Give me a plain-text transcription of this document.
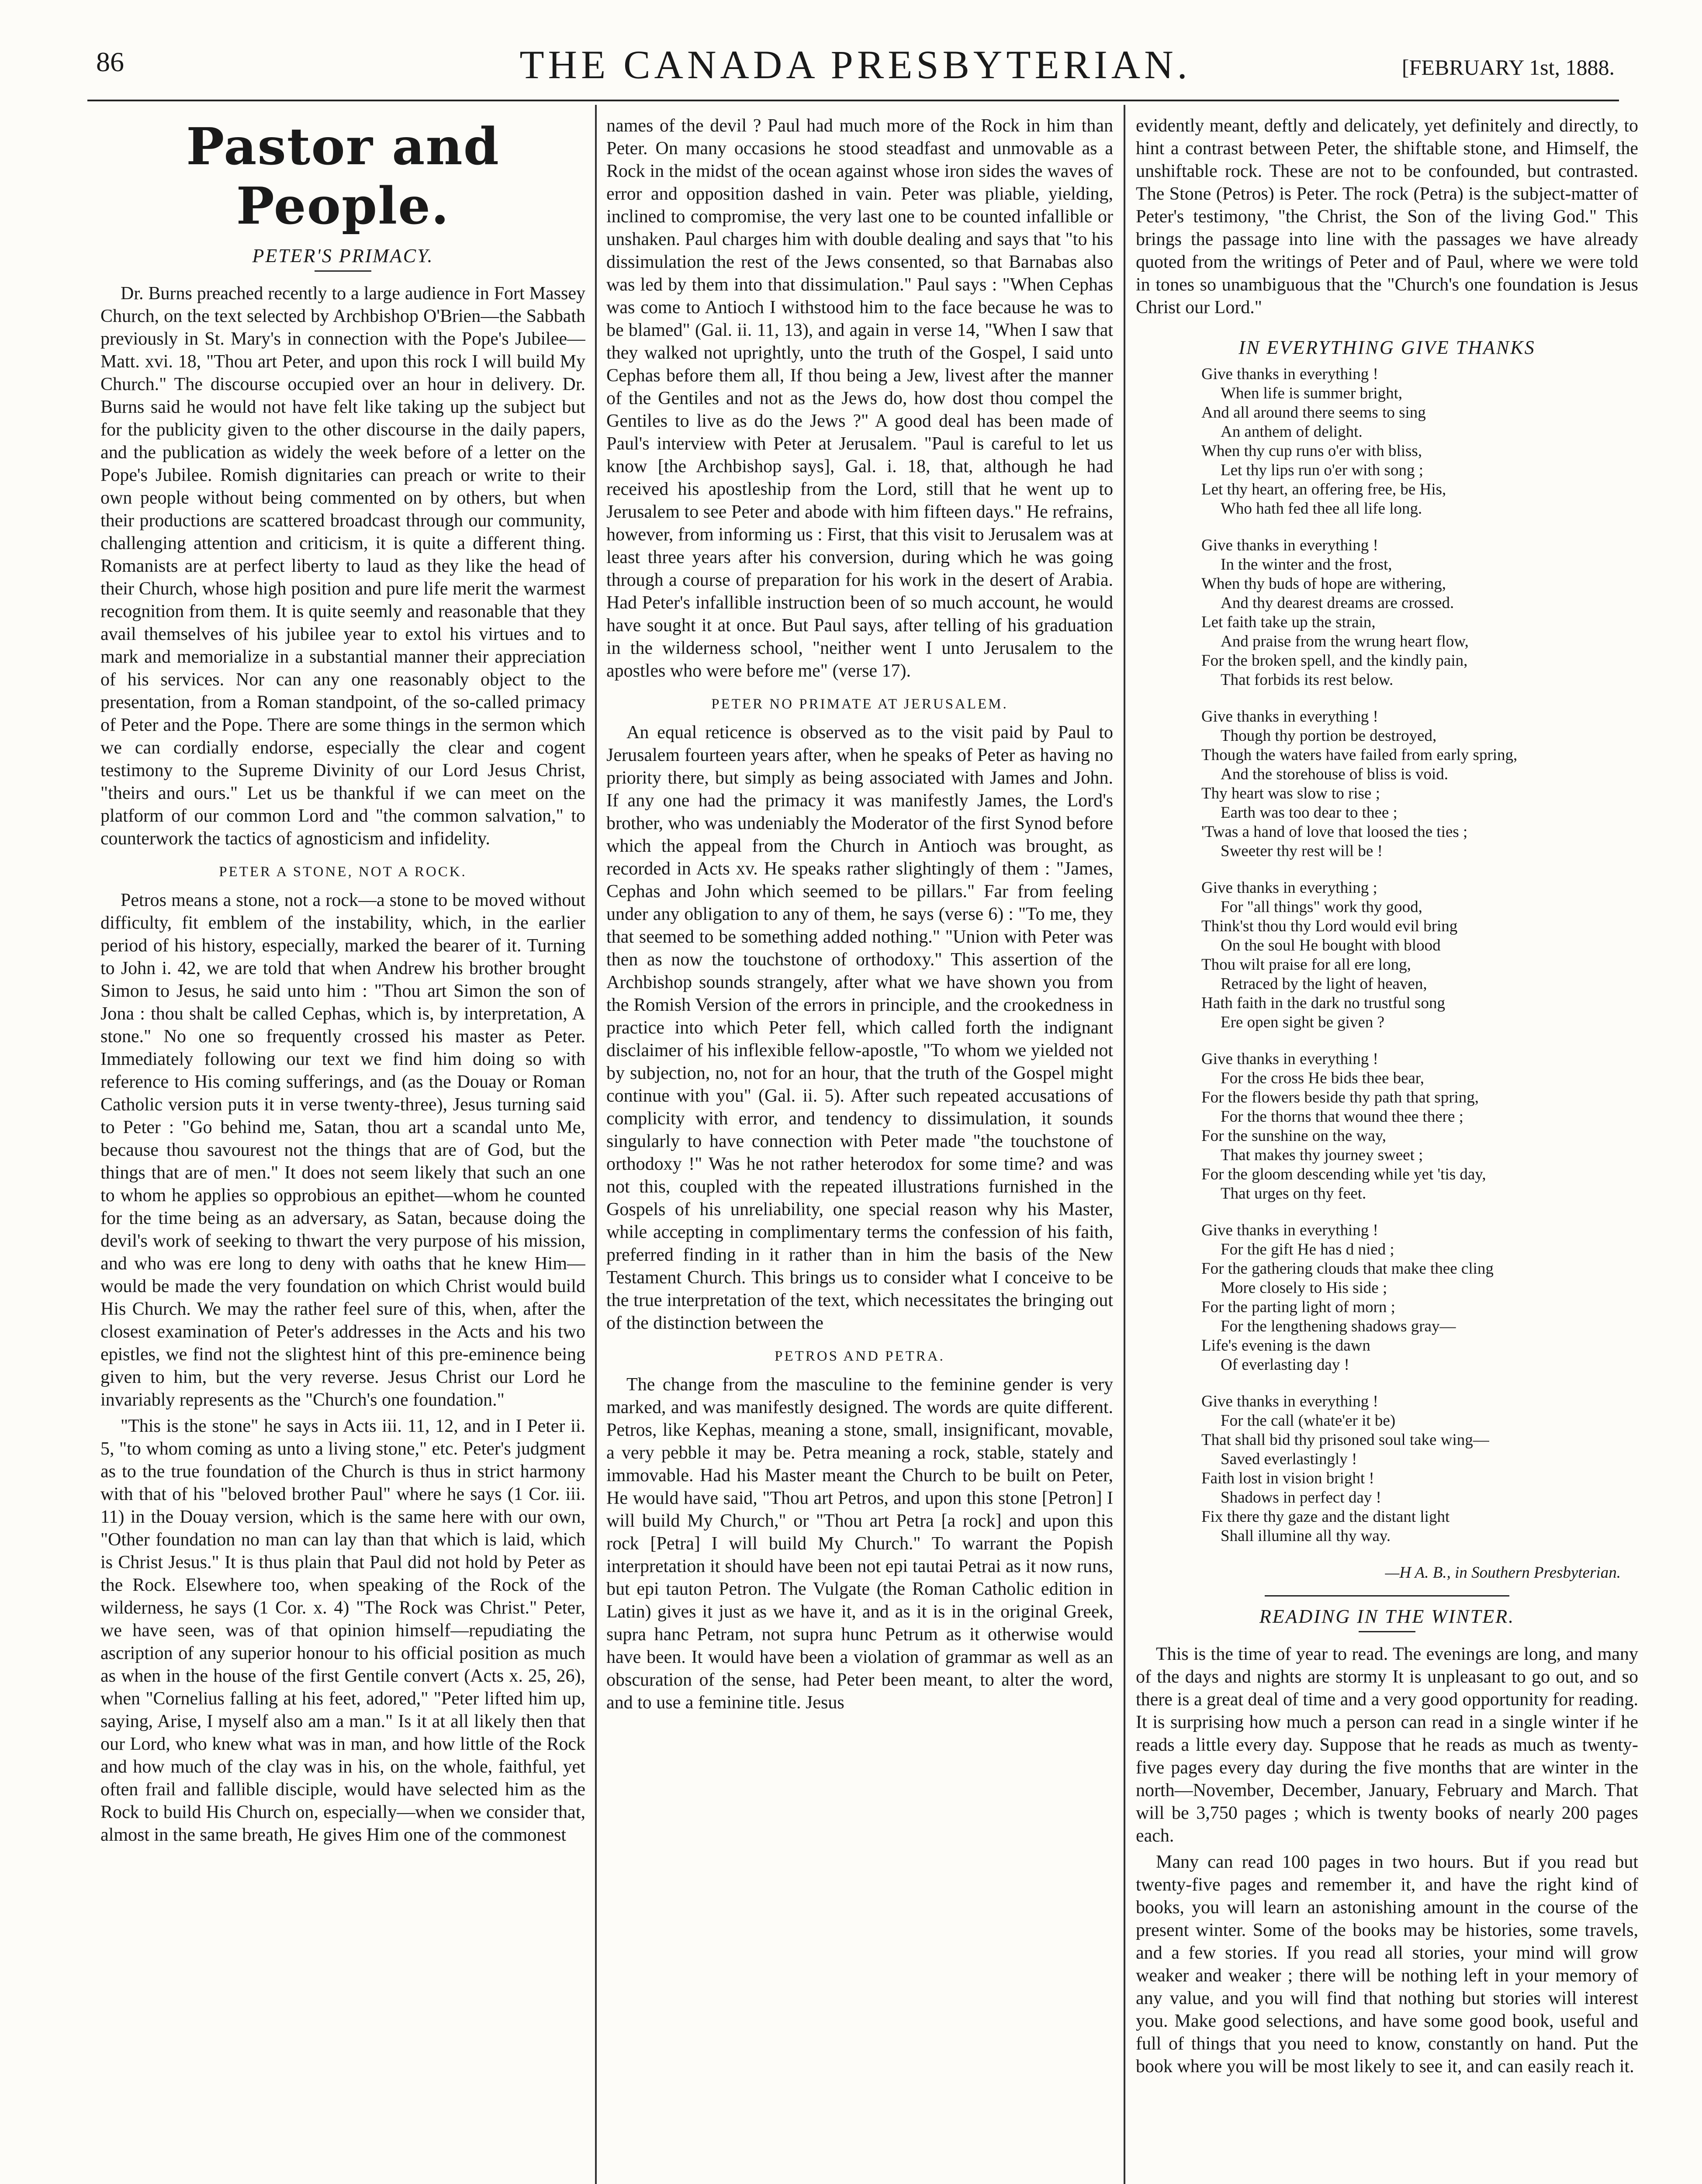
86	THE CANADA PRESBYTERIAN.	[FEBRUARY 1st, 1888.
Pastor and People.
PETER'S PRIMACY.

Dr. Burns preached recently to a large audience in Fort Massey Church, on the text selected by Archbishop O'Brien—the Sabbath previously in St. Mary's in connection with the Pope's Jubilee—Matt. xvi. 18, "Thou art Peter, and upon this rock I will build My Church." The discourse occupied over an hour in delivery. Dr. Burns said he would not have felt like taking up the subject but for the publicity given to the other discourse in the daily papers, and the publication as widely the week before of a letter on the Pope's Jubilee. Romish dignitaries can preach or write to their own people without being commented on by others, but when their productions are scattered broadcast through our community, challenging attention and criticism, it is quite a different thing. Romanists are at perfect liberty to laud as they like the head of their Church, whose high position and pure life merit the warmest recognition from them. It is quite seemly and reasonable that they avail themselves of his jubilee year to extol his virtues and to mark and memorialize in a substantial manner their appreciation of his services. Nor can any one reasonably object to the presentation, from a Roman standpoint, of the so-called primacy of Peter and the Pope. There are some things in the sermon which we can cordially endorse, especially the clear and cogent testimony to the Supreme Divinity of our Lord Jesus Christ, "theirs and ours." Let us be thankful if we can meet on the platform of our common Lord and "the common salvation," to counterwork the tactics of agnosticism and infidelity.

PETER A STONE, NOT A ROCK.

Petros means a stone, not a rock—a stone to be moved without difficulty, fit emblem of the instability, which, in the earlier period of his history, especially, marked the bearer of it. Turning to John i. 42, we are told that when Andrew his brother brought Simon to Jesus, he said unto him : "Thou art Simon the son of Jona : thou shalt be called Cephas, which is, by interpretation, A stone." No one so frequently crossed his master as Peter. Immediately following our text we find him doing so with reference to His coming sufferings, and (as the Douay or Roman Catholic version puts it in verse twenty-three), Jesus turning said to Peter : "Go behind me, Satan, thou art a scandal unto Me, because thou savourest not the things that are of God, but the things that are of men." It does not seem likely that such an one to whom he applies so opprobious an epithet—whom he counted for the time being as an adversary, as Satan, because doing the devil's work of seeking to thwart the very purpose of his mission, and who was ere long to deny with oaths that he knew Him—would be made the very foundation on which Christ would build His Church. We may the rather feel sure of this, when, after the closest examination of Peter's addresses in the Acts and his two epistles, we find not the slightest hint of this pre-eminence being given to him, but the very reverse. Jesus Christ our Lord he invariably represents as the "Church's one foundation."

"This is the stone" he says in Acts iii. 11, 12, and in I Peter ii. 5, "to whom coming as unto a living stone," etc. Peter's judgment as to the true foundation of the Church is thus in strict harmony with that of his "beloved brother Paul" where he says (1 Cor. iii. 11) in the Douay version, which is the same here with our own, "Other foundation no man can lay than that which is laid, which is Christ Jesus." It is thus plain that Paul did not hold by Peter as the Rock. Elsewhere too, when speaking of the Rock of the wilderness, he says (1 Cor. x. 4) "The Rock was Christ." Peter, we have seen, was of that opinion himself—repudiating the ascription of any superior honour to his official position as much as when in the house of the first Gentile convert (Acts x. 25, 26), when "Cornelius falling at his feet, adored," "Peter lifted him up, saying, Arise, I myself also am a man." Is it at all likely then that our Lord, who knew what was in man, and how little of the Rock and how much of the clay was in his, on the whole, faithful, yet often frail and fallible disciple, would have selected him as the Rock to build His Church on, especially—when we consider that, almost in the same breath, He gives Him one of the commonest

names of the devil ? Paul had much more of the Rock in him than Peter. On many occasions he stood steadfast and unmovable as a Rock in the midst of the ocean against whose iron sides the waves of error and opposition dashed in vain. Peter was pliable, yielding, inclined to compromise, the very last one to be counted infallible or unshaken. Paul charges him with double dealing and says that "to his dissimulation the rest of the Jews consented, so that Barnabas also was led by them into that dissimulation." Paul says : "When Cephas was come to Antioch I withstood him to the face because he was to be blamed" (Gal. ii. 11, 13), and again in verse 14, "When I saw that they walked not uprightly, unto the truth of the Gospel, I said unto Cephas before them all, If thou being a Jew, livest after the manner of the Gentiles and not as the Jews do, how dost thou compel the Gentiles to live as do the Jews ?" A good deal has been made of Paul's interview with Peter at Jerusalem. "Paul is careful to let us know [the Archbishop says], Gal. i. 18, that, although he had received his apostleship from the Lord, still that he went up to Jerusalem to see Peter and abode with him fifteen days." He refrains, however, from informing us : First, that this visit to Jerusalem was at least three years after his conversion, during which he was going through a course of preparation for his work in the desert of Arabia. Had Peter's infallible instruction been of so much account, he would have sought it at once. But Paul says, after telling of his graduation in the wilderness school, "neither went I unto Jerusalem to the apostles who were before me" (verse 17).

PETER NO PRIMATE AT JERUSALEM.

An equal reticence is observed as to the visit paid by Paul to Jerusalem fourteen years after, when he speaks of Peter as having no priority there, but simply as being associated with James and John. If any one had the primacy it was manifestly James, the Lord's brother, who was undeniably the Moderator of the first Synod before which the appeal from the Church in Antioch was brought, as recorded in Acts xv. He speaks rather slightingly of them : "James, Cephas and John which seemed to be pillars." Far from feeling under any obligation to any of them, he says (verse 6) : "To me, they that seemed to be something added nothing." "Union with Peter was then as now the touchstone of orthodoxy." This assertion of the Archbishop sounds strangely, after what we have shown you from the Romish Version of the errors in principle, and the crookedness in practice into which Peter fell, which called forth the indignant disclaimer of his inflexible fellow-apostle, "To whom we yielded not by subjection, no, not for an hour, that the truth of the Gospel might continue with you" (Gal. ii. 5). After such repeated accusations of complicity with error, and tendency to dissimulation, it sounds singularly to have connection with Peter made "the touchstone of orthodoxy !" Was he not rather heterodox for some time? and was not this, coupled with the repeated illustrations furnished in the Gospels of his unreliability, one special reason why his Master, while accepting in complimentary terms the confession of his faith, preferred finding in it rather than in him the basis of the New Testament Church. This brings us to consider what I conceive to be the true interpretation of the text, which necessitates the bringing out of the distinction between the

PETROS AND PETRA.

The change from the masculine to the feminine gender is very marked, and was manifestly designed. The words are quite different. Petros, like Kephas, meaning a stone, small, insignificant, movable, a very pebble it may be. Petra meaning a rock, stable, stately and immovable. Had his Master meant the Church to be built on Peter, He would have said, "Thou art Petros, and upon this stone [Petron] I will build My Church," or "Thou art Petra [a rock] and upon this rock [Petra] I will build My Church." To warrant the Popish interpretation it should have been not epi tautai Petrai as it now runs, but epi tauton Petron. The Vulgate (the Roman Catholic edition in Latin) gives it just as we have it, and as it is in the original Greek, supra hanc Petram, not supra hunc Petrum as it otherwise would have been. It would have been a violation of grammar as well as an obscuration of the sense, had Peter been meant, to alter the word, and to use a feminine title. Jesus

evidently meant, deftly and delicately, yet definitely and directly, to hint a contrast between Peter, the shiftable stone, and Himself, the unshiftable rock. These are not to be confounded, but contrasted. The Stone (Petros) is Peter. The rock (Petra) is the subject-matter of Peter's testimony, "the Christ, the Son of the living God." This brings the passage into line with the passages we have already quoted from the writings of Peter and of Paul, where we were told in tones so unambiguous that the "Church's one foundation is Jesus Christ our Lord."

IN EVERYTHING GIVE THANKS
Give thanks in everything !
When life is summer bright,
And all around there seems to sing
An anthem of delight.
When thy cup runs o'er with bliss,
Let thy lips run o'er with song ;
Let thy heart, an offering free, be His,
Who hath fed thee all life long.
Give thanks in everything !
In the winter and the frost,
When thy buds of hope are withering,
And thy dearest dreams are crossed.
Let faith take up the strain,
And praise from the wrung heart flow,
For the broken spell, and the kindly pain,
That forbids its rest below.
Give thanks in everything !
Though thy portion be destroyed,
Though the waters have failed from early spring,
And the storehouse of bliss is void.
Thy heart was slow to rise ;
Earth was too dear to thee ;
'Twas a hand of love that loosed the ties ;
Sweeter thy rest will be !
Give thanks in everything ;
For "all things" work thy good,
Think'st thou thy Lord would evil bring
On the soul He bought with blood
Thou wilt praise for all ere long,
Retraced by the light of heaven,
Hath faith in the dark no trustful song
Ere open sight be given ?
Give thanks in everything !
For the cross He bids thee bear,
For the flowers beside thy path that spring,
For the thorns that wound thee there ;
For the sunshine on the way,
That makes thy journey sweet ;
For the gloom descending while yet 'tis day,
That urges on thy feet.
Give thanks in everything !
For the gift He has d nied ;
For the gathering clouds that make thee cling
More closely to His side ;
For the parting light of morn ;
For the lengthening shadows gray—
Life's evening is the dawn
Of everlasting day !
Give thanks in everything !
For the call (whate'er it be)
That shall bid thy prisoned soul take wing—
Saved everlastingly !
Faith lost in vision bright !
Shadows in perfect day !
Fix there thy gaze and the distant light
Shall illumine all thy way.
—H A. B., in Southern Presbyterian.
READING IN THE WINTER.

This is the time of year to read. The evenings are long, and many of the days and nights are stormy It is unpleasant to go out, and so there is a great deal of time and a very good opportunity for reading. It is surprising how much a person can read in a single winter if he reads a little every day. Suppose that he reads as much as twenty-five pages every day during the five months that are winter in the north—November, December, January, February and March. That will be 3,750 pages ; which is twenty books of nearly 200 pages each.

Many can read 100 pages in two hours. But if you read but twenty-five pages and remember it, and have the right kind of books, you will learn an astonishing amount in the course of the present winter. Some of the books may be histories, some travels, and a few stories. If you read all stories, your mind will grow weaker and weaker ; there will be nothing left in your memory of any value, and you will find that nothing but stories will interest you. Make good selections, and have some good book, useful and full of things that you need to know, constantly on hand. Put the book where you will be most likely to see it, and can easily reach it.
